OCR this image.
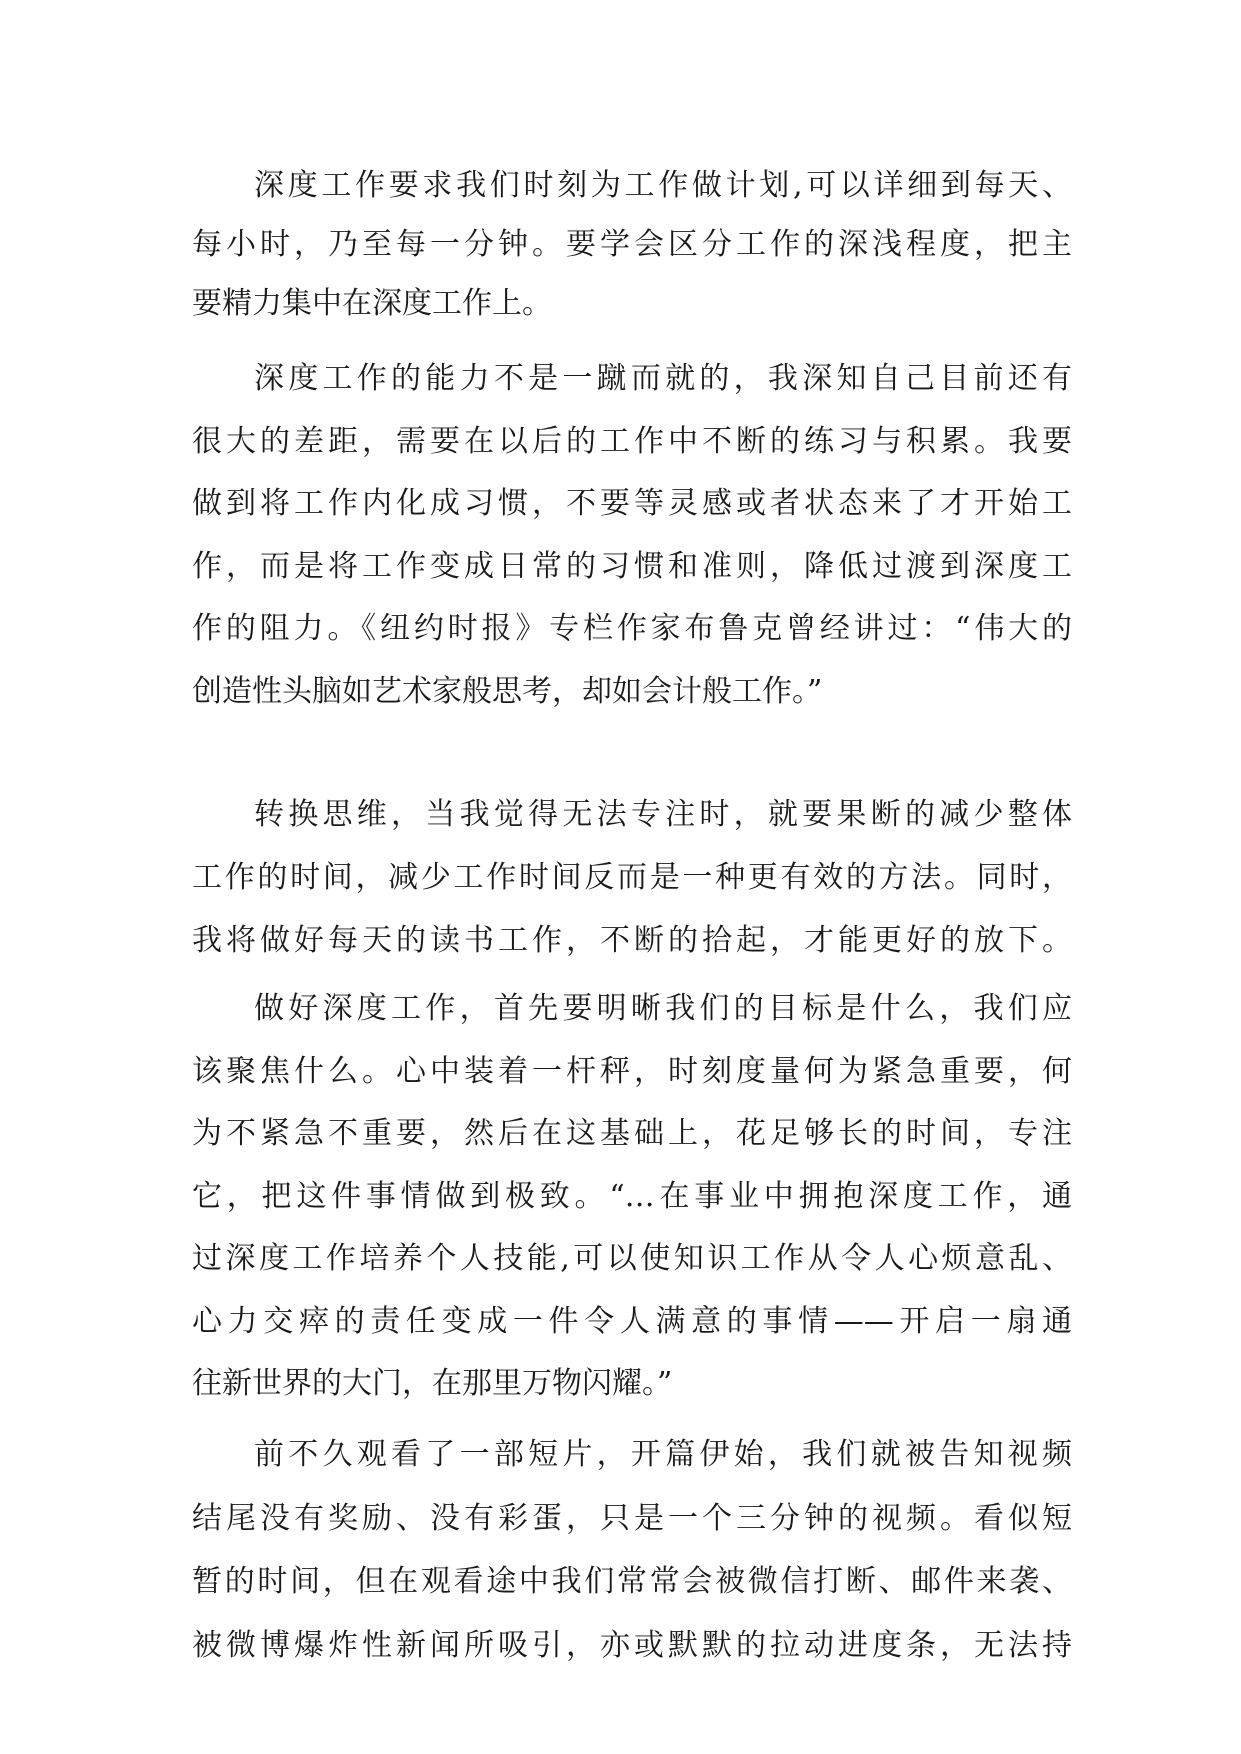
深度工作要求我们时刻为工作做计划,可以详细到每天、
每小时，乃至每一分钟。要学会区分工作的深浅程度，把主
要精力集中在深度工作上。
深度工作的能力不是一蹴而就的，我深知自己目前还有
很大的差距，需要在以后的工作中不断的练习与积累。我要
做到将工作内化成习惯，不要等灵感或者状态来了才开始工
作，而是将工作变成日常的习惯和准则，降低过渡到深度工
作的阻力。《纽约时报》专栏作家布鲁克曾经讲过：“伟大的
创造性头脑如艺术家般思考，却如会计般工作。”
转换思维，当我觉得无法专注时，就要果断的减少整体
工作的时间，减少工作时间反而是一种更有效的方法。同时，
我将做好每天的读书工作，不断的拾起，才能更好的放下。
做好深度工作，首先要明晰我们的目标是什么，我们应
该聚焦什么。心中装着一杆秤，时刻度量何为紧急重要，何
为不紧急不重要，然后在这基础上，花足够长的时间，专注
它，把这件事情做到极致。“…在事业中拥抱深度工作，通
过深度工作培养个人技能,可以使知识工作从令人心烦意乱、
心力交瘁的责任变成一件令人满意的事情——开启一扇通
往新世界的大门，在那里万物闪耀。”
前不久观看了一部短片，开篇伊始，我们就被告知视频
结尾没有奖励、没有彩蛋，只是一个三分钟的视频。看似短
暂的时间，但在观看途中我们常常会被微信打断、邮件来袭、
被微博爆炸性新闻所吸引，亦或默默的拉动进度条，无法持
